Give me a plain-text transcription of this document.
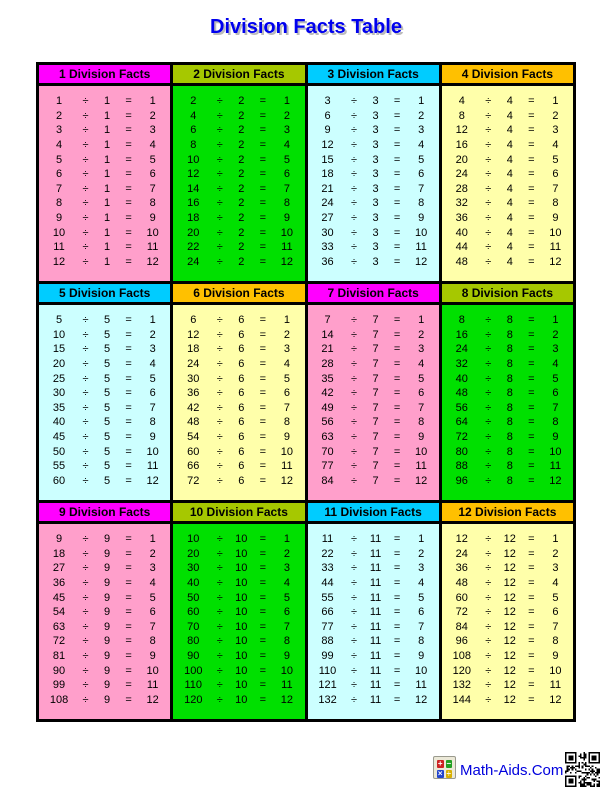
Division Facts Table
1 Division Facts
1	÷	1	=	1
2	÷	1	=	2
3	÷	1	=	3
4	÷	1	=	4
5	÷	1	=	5
6	÷	1	=	6
7	÷	1	=	7
8	÷	1	=	8
9	÷	1	=	9
10	÷	1	=	10
11	÷	1	=	11
12	÷	1	=	12
2 Division Facts
2	÷	2	=	1
4	÷	2	=	2
6	÷	2	=	3
8	÷	2	=	4
10	÷	2	=	5
12	÷	2	=	6
14	÷	2	=	7
16	÷	2	=	8
18	÷	2	=	9
20	÷	2	=	10
22	÷	2	=	11
24	÷	2	=	12
3 Division Facts
3	÷	3	=	1
6	÷	3	=	2
9	÷	3	=	3
12	÷	3	=	4
15	÷	3	=	5
18	÷	3	=	6
21	÷	3	=	7
24	÷	3	=	8
27	÷	3	=	9
30	÷	3	=	10
33	÷	3	=	11
36	÷	3	=	12
4 Division Facts
4	÷	4	=	1
8	÷	4	=	2
12	÷	4	=	3
16	÷	4	=	4
20	÷	4	=	5
24	÷	4	=	6
28	÷	4	=	7
32	÷	4	=	8
36	÷	4	=	9
40	÷	4	=	10
44	÷	4	=	11
48	÷	4	=	12
5 Division Facts
5	÷	5	=	1
10	÷	5	=	2
15	÷	5	=	3
20	÷	5	=	4
25	÷	5	=	5
30	÷	5	=	6
35	÷	5	=	7
40	÷	5	=	8
45	÷	5	=	9
50	÷	5	=	10
55	÷	5	=	11
60	÷	5	=	12
6 Division Facts
6	÷	6	=	1
12	÷	6	=	2
18	÷	6	=	3
24	÷	6	=	4
30	÷	6	=	5
36	÷	6	=	6
42	÷	6	=	7
48	÷	6	=	8
54	÷	6	=	9
60	÷	6	=	10
66	÷	6	=	11
72	÷	6	=	12
7 Division Facts
7	÷	7	=	1
14	÷	7	=	2
21	÷	7	=	3
28	÷	7	=	4
35	÷	7	=	5
42	÷	7	=	6
49	÷	7	=	7
56	÷	7	=	8
63	÷	7	=	9
70	÷	7	=	10
77	÷	7	=	11
84	÷	7	=	12
8 Division Facts
8	÷	8	=	1
16	÷	8	=	2
24	÷	8	=	3
32	÷	8	=	4
40	÷	8	=	5
48	÷	8	=	6
56	÷	8	=	7
64	÷	8	=	8
72	÷	8	=	9
80	÷	8	=	10
88	÷	8	=	11
96	÷	8	=	12
9 Division Facts
9	÷	9	=	1
18	÷	9	=	2
27	÷	9	=	3
36	÷	9	=	4
45	÷	9	=	5
54	÷	9	=	6
63	÷	9	=	7
72	÷	9	=	8
81	÷	9	=	9
90	÷	9	=	10
99	÷	9	=	11
108	÷	9	=	12
10 Division Facts
10	÷	10	=	1
20	÷	10	=	2
30	÷	10	=	3
40	÷	10	=	4
50	÷	10	=	5
60	÷	10	=	6
70	÷	10	=	7
80	÷	10	=	8
90	÷	10	=	9
100	÷	10	=	10
110	÷	10	=	11
120	÷	10	=	12
11 Division Facts
11	÷	11	=	1
22	÷	11	=	2
33	÷	11	=	3
44	÷	11	=	4
55	÷	11	=	5
66	÷	11	=	6
77	÷	11	=	7
88	÷	11	=	8
99	÷	11	=	9
110	÷	11	=	10
121	÷	11	=	11
132	÷	11	=	12
12 Division Facts
12	÷	12	=	1
24	÷	12	=	2
36	÷	12	=	3
48	÷	12	=	4
60	÷	12	=	5
72	÷	12	=	6
84	÷	12	=	7
96	÷	12	=	8
108	÷	12	=	9
120	÷	12	=	10
132	÷	12	=	11
144	÷	12	=	12
+ −
× ÷ Math-Aids.Com
